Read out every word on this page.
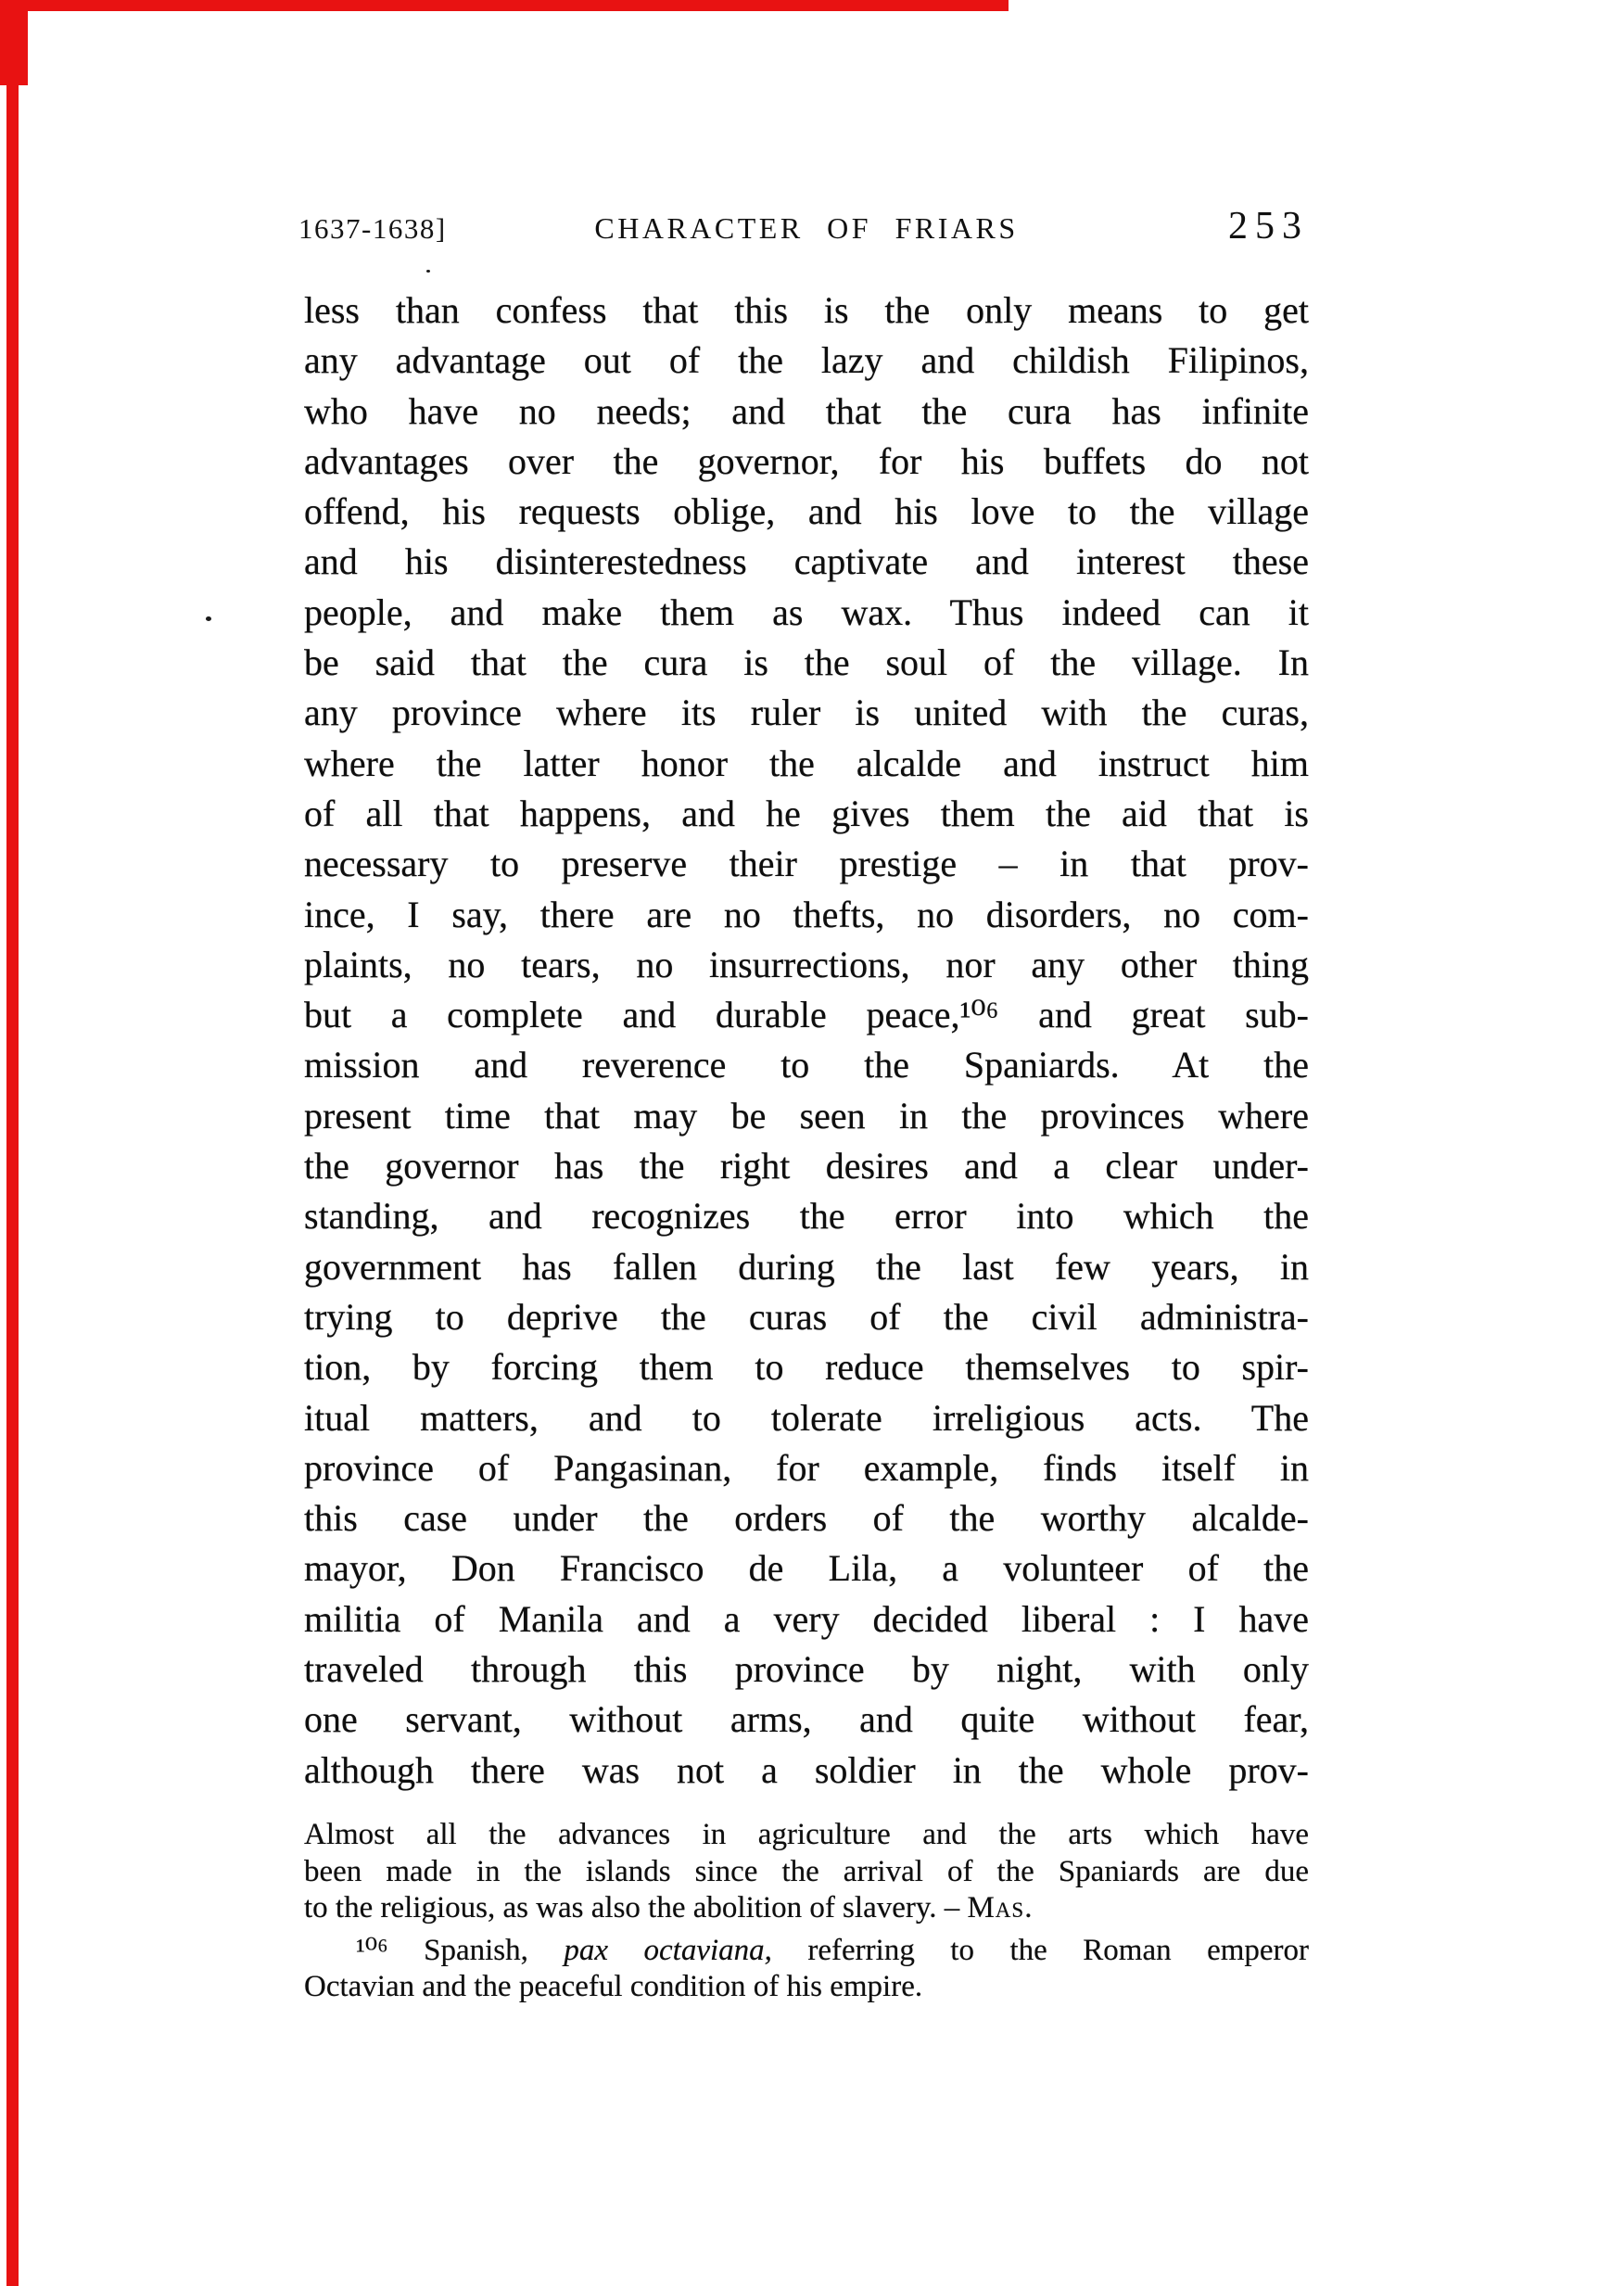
1637-1638]	CHARACTER OF FRIARS	253
less than confess that this is the only means to get
any advantage out of the lazy and childish Filipinos,
who have no needs; and that the cura has infinite
advantages over the governor, for his buffets do not
offend, his requests oblige, and his love to the village
and his disinterestedness captivate and interest these
people, and make them as wax. Thus indeed can it
be said that the cura is the soul of the village. In
any province where its ruler is united with the curas,
where the latter honor the alcalde and instruct him
of all that happens, and he gives them the aid that is
necessary to preserve their prestige – in that prov-
ince, I say, there are no thefts, no disorders, no com-
plaints, no tears, no insurrections, nor any other thing
but a complete and durable peace,¹⁰⁶ and great sub-
mission and reverence to the Spaniards. At the
present time that may be seen in the provinces where
the governor has the right desires and a clear under-
standing, and recognizes the error into which the
government has fallen during the last few years, in
trying to deprive the curas of the civil administra-
tion, by forcing them to reduce themselves to spir-
itual matters, and to tolerate irreligious acts. The
province of Pangasinan, for example, finds itself in
this case under the orders of the worthy alcalde-
mayor, Don Francisco de Lila, a volunteer of the
militia of Manila and a very decided liberal : I have
traveled through this province by night, with only
one servant, without arms, and quite without fear,
although there was not a soldier in the whole prov-
Almost all the advances in agriculture and the arts which have
been made in the islands since the arrival of the Spaniards are due
to the religious, as was also the abolition of slavery. – Mas.
¹⁰⁶ Spanish, pax octaviana, referring to the Roman emperor
Octavian and the peaceful condition of his empire.
